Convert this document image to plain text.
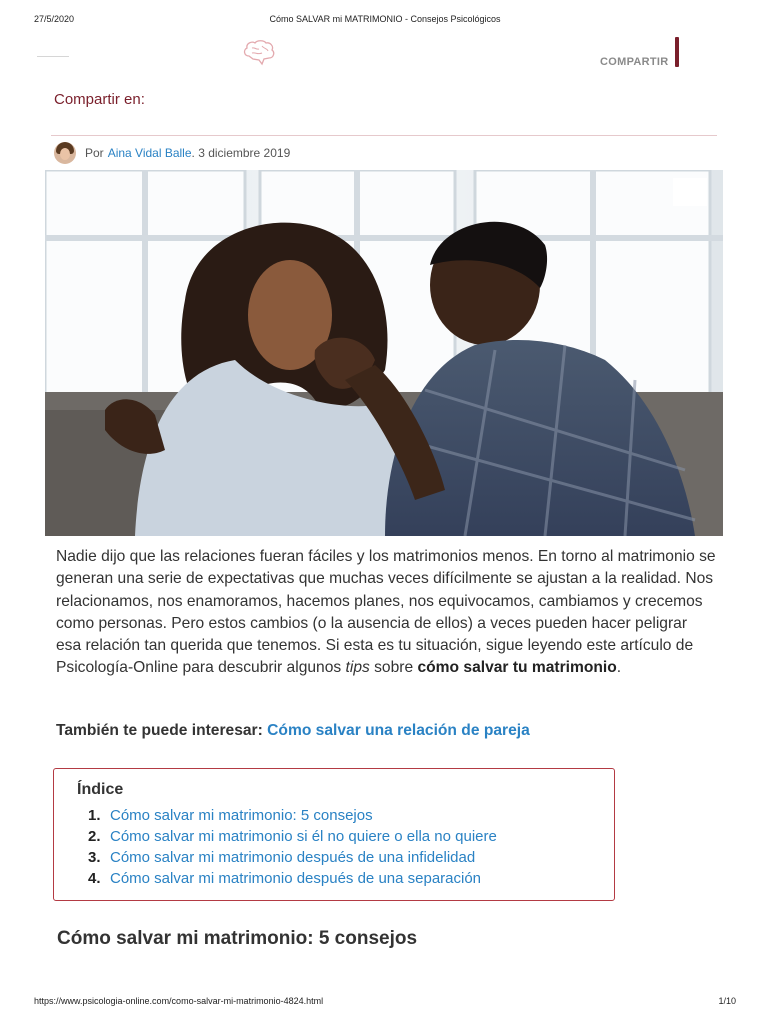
27/5/2020	Cómo SALVAR mi MATRIMONIO - Consejos Psicológicos
COMPARTIR
Compartir en:
Por Aina Vidal Balle . 3 diciembre 2019
Nadie dijo que las relaciones fueran fáciles y los matrimonios menos. En torno al matrimonio se generan una serie de expectativas que muchas veces difícilmente se ajustan a la realidad. Nos relacionamos, nos enamoramos, hacemos planes, nos equivocamos, cambiamos y crecemos como personas. Pero estos cambios (o la ausencia de ellos) a veces pueden hacer peligrar esa relación tan querida que tenemos. Si esta es tu situación, sigue leyendo este artículo de Psicología-Online para descubrir algunos tips sobre cómo salvar tu matrimonio.
También te puede interesar: Cómo salvar una relación de pareja
Índice
1. Cómo salvar mi matrimonio: 5 consejos
2. Cómo salvar mi matrimonio si él no quiere o ella no quiere
3. Cómo salvar mi matrimonio después de una infidelidad
4. Cómo salvar mi matrimonio después de una separación
Cómo salvar mi matrimonio: 5 consejos
https://www.psicologia-online.com/como-salvar-mi-matrimonio-4824.html	1/10
